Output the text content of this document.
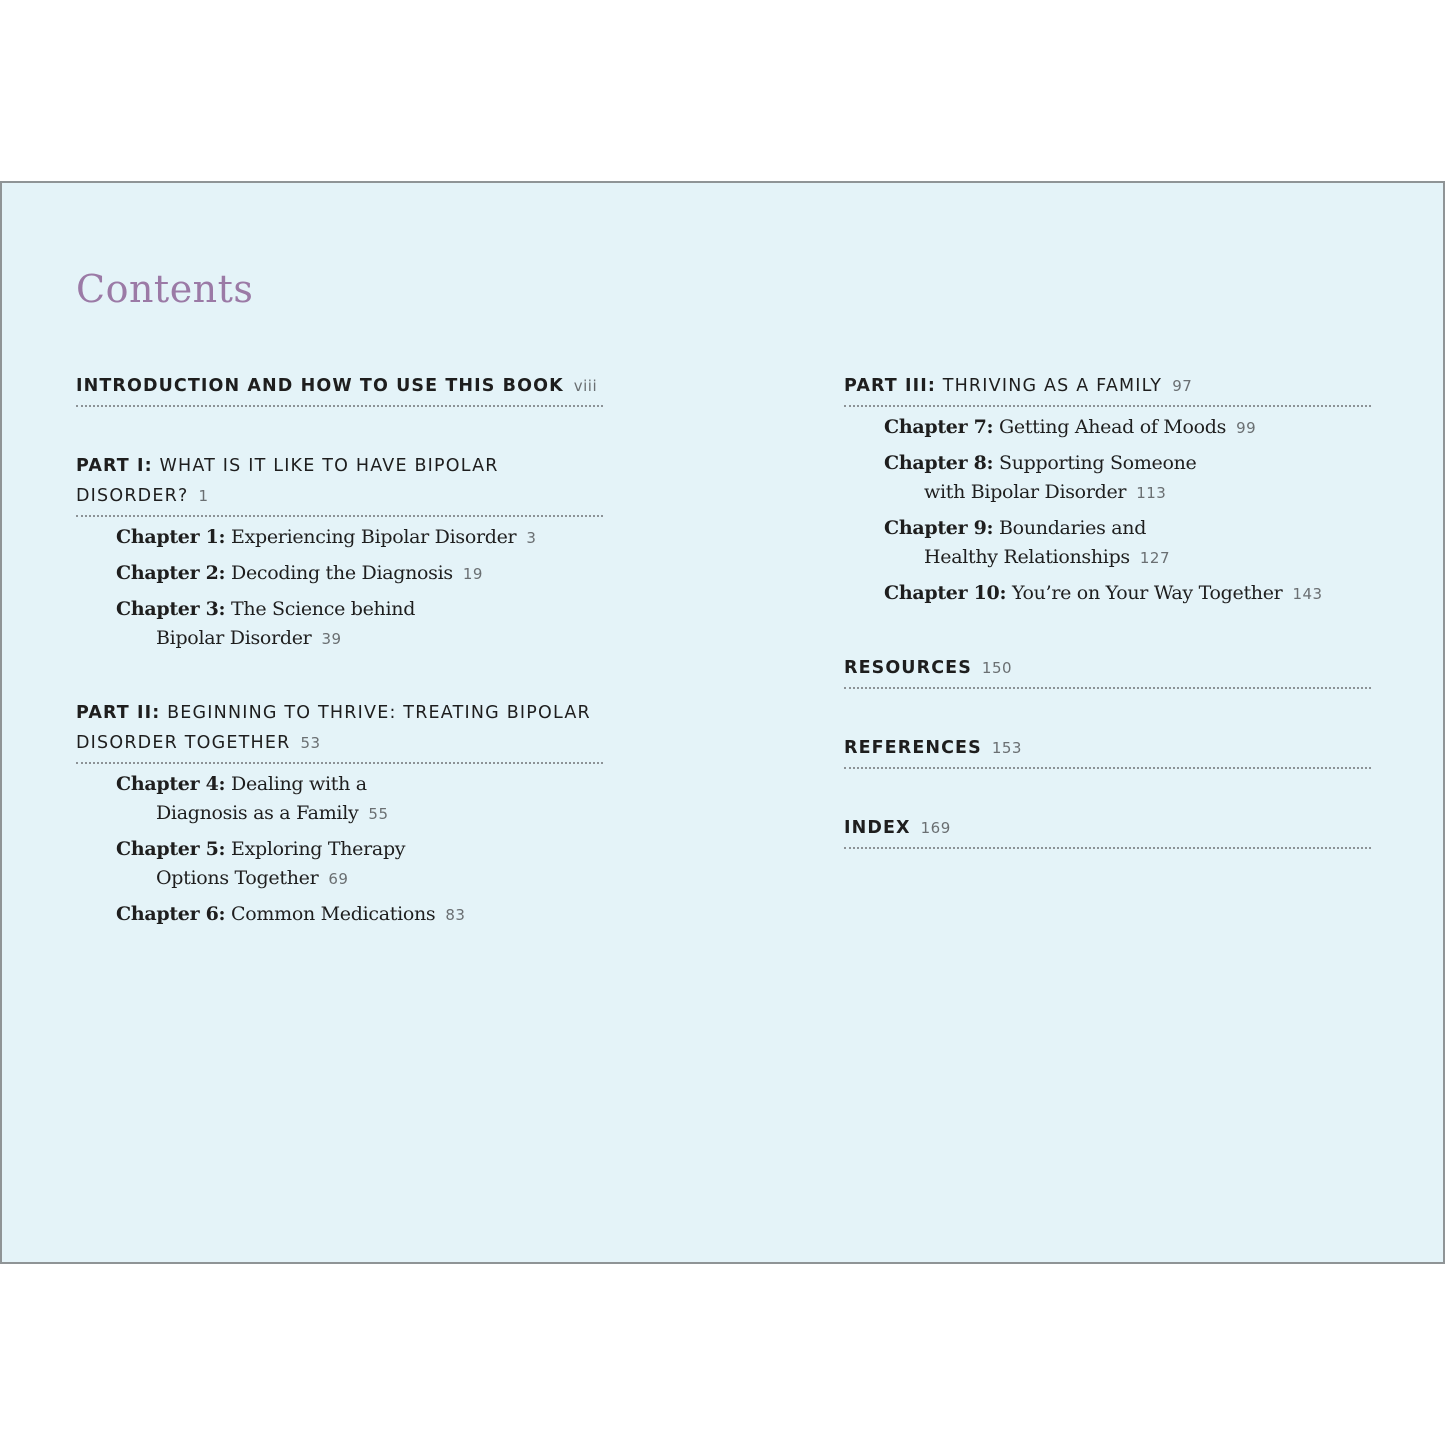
Contents
INTRODUCTION AND HOW TO USE THIS BOOK viii
PART I: WHAT IS IT LIKE TO HAVE BIPOLAR DISORDER? 1
Chapter 1: Experiencing Bipolar Disorder 3
Chapter 2: Decoding the Diagnosis 19
Chapter 3: The Science behind
Bipolar Disorder 39
PART II: BEGINNING TO THRIVE: TREATING BIPOLAR DISORDER TOGETHER 53
Chapter 4: Dealing with a
Diagnosis as a Family 55
Chapter 5: Exploring Therapy
Options Together 69
Chapter 6: Common Medications 83
PART III: THRIVING AS A FAMILY 97
Chapter 7: Getting Ahead of Moods 99
Chapter 8: Supporting Someone
with Bipolar Disorder 113
Chapter 9: Boundaries and
Healthy Relationships 127
Chapter 10: You’re on Your Way Together 143
RESOURCES 150
REFERENCES 153
INDEX 169
